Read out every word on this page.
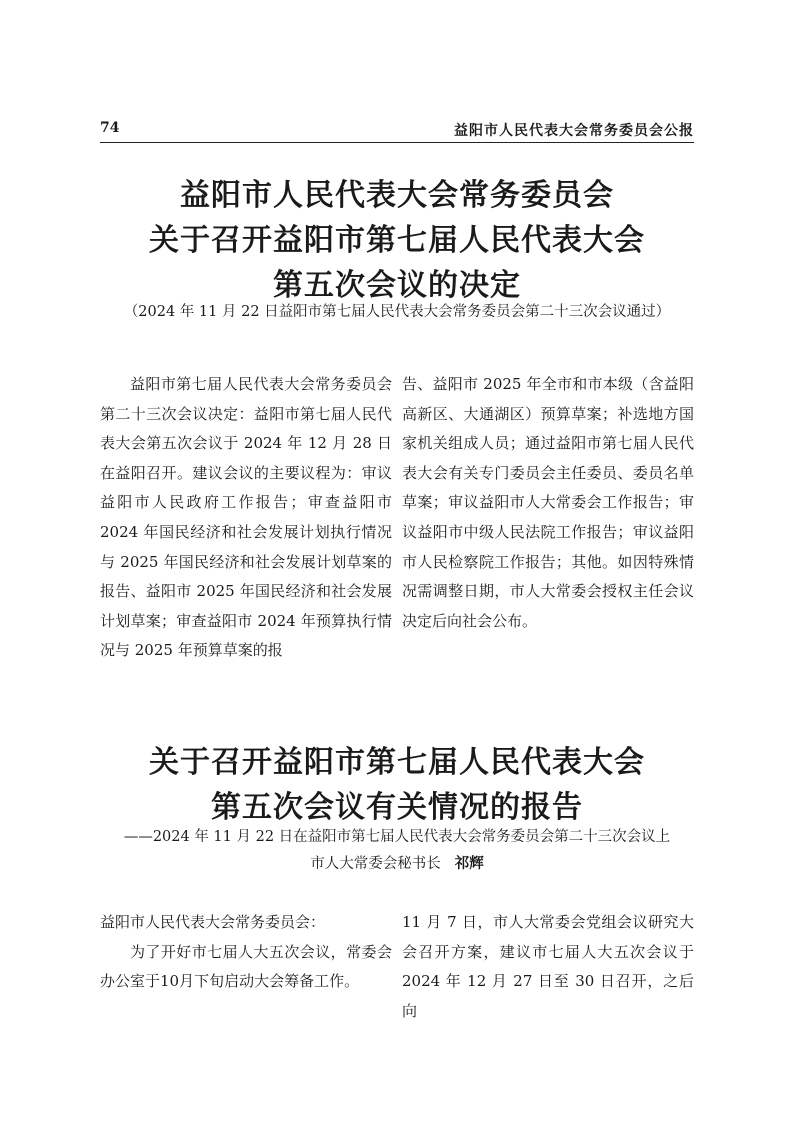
74	益阳市人民代表大会常务委员会公报
益阳市人民代表大会常务委员会
关于召开益阳市第七届人民代表大会
第五次会议的决定
（2024 年 11 月 22 日益阳市第七届人民代表大会常务委员会第二十三次会议通过）

益阳市第七届人民代表大会常务委员会第二十三次会议决定：益阳市第七届人民代表大会第五次会议于 2024 年 12 月 28 日在益阳召开。建议会议的主要议程为：审议益阳市人民政府工作报告；审查益阳市 2024 年国民经济和社会发展计划执行情况与 2025 年国民经济和社会发展计划草案的报告、益阳市 2025 年国民经济和社会发展计划草案；审查益阳市 2024 年预算执行情况与 2025 年预算草案的报

告、益阳市 2025 年全市和市本级（含益阳高新区、大通湖区）预算草案；补选地方国家机关组成人员；通过益阳市第七届人民代表大会有关专门委员会主任委员、委员名单草案；审议益阳市人大常委会工作报告；审议益阳市中级人民法院工作报告；审议益阳市人民检察院工作报告；其他。如因特殊情况需调整日期，市人大常委会授权主任会议决定后向社会公布。

关于召开益阳市第七届人民代表大会
第五次会议有关情况的报告
——2024 年 11 月 22 日在益阳市第七届人民代表大会常务委员会第二十三次会议上
市人大常委会秘书长 祁辉

益阳市人民代表大会常务委员会：

为了开好市七届人大五次会议，常委会办公室于10月下旬启动大会筹备工作。

11 月 7 日，市人大常委会党组会议研究大会召开方案，建议市七届人大五次会议于 2024 年 12 月 27 日至 30 日召开，之后向
